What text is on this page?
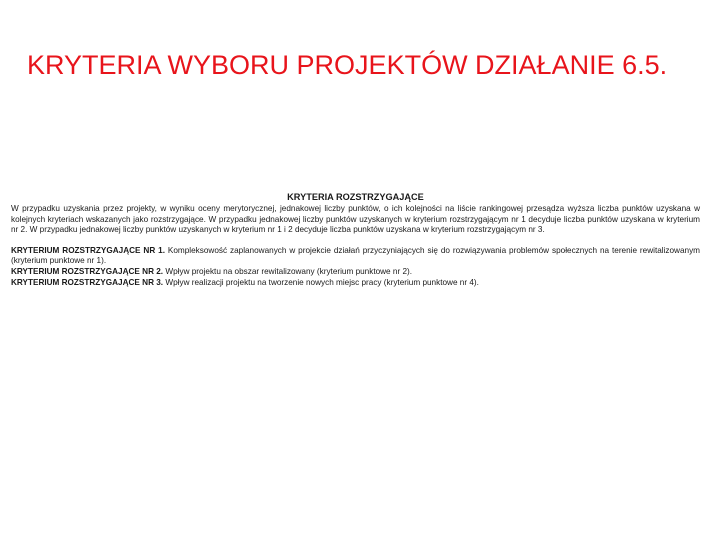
KRYTERIA WYBORU PROJEKTÓW DZIAŁANIE 6.5.
KRYTERIA ROZSTRZYGAJĄCE

W przypadku uzyskania przez projekty, w wyniku oceny merytorycznej, jednakowej liczby punktów, o ich kolejności na liście rankingowej przesądza wyższa liczba punktów uzyskana w kolejnych kryteriach wskazanych jako rozstrzygające. W przypadku jednakowej liczby punktów uzyskanych w kryterium rozstrzygającym nr 1 decyduje liczba punktów uzyskana w kryterium nr 2. W przypadku jednakowej liczby punktów uzyskanych w kryterium nr 1 i 2 decyduje liczba punktów uzyskana w kryterium rozstrzygającym nr 3.

KRYTERIUM ROZSTRZYGAJĄCE NR 1. Kompleksowość zaplanowanych w projekcie działań przyczyniających się do rozwiązywania problemów społecznych na terenie rewitalizowanym (kryterium punktowe nr 1).

KRYTERIUM ROZSTRZYGAJĄCE NR 2. Wpływ projektu na obszar rewitalizowany (kryterium punktowe nr 2).

KRYTERIUM ROZSTRZYGAJĄCE NR 3. Wpływ realizacji projektu na tworzenie nowych miejsc pracy (kryterium punktowe nr 4).
